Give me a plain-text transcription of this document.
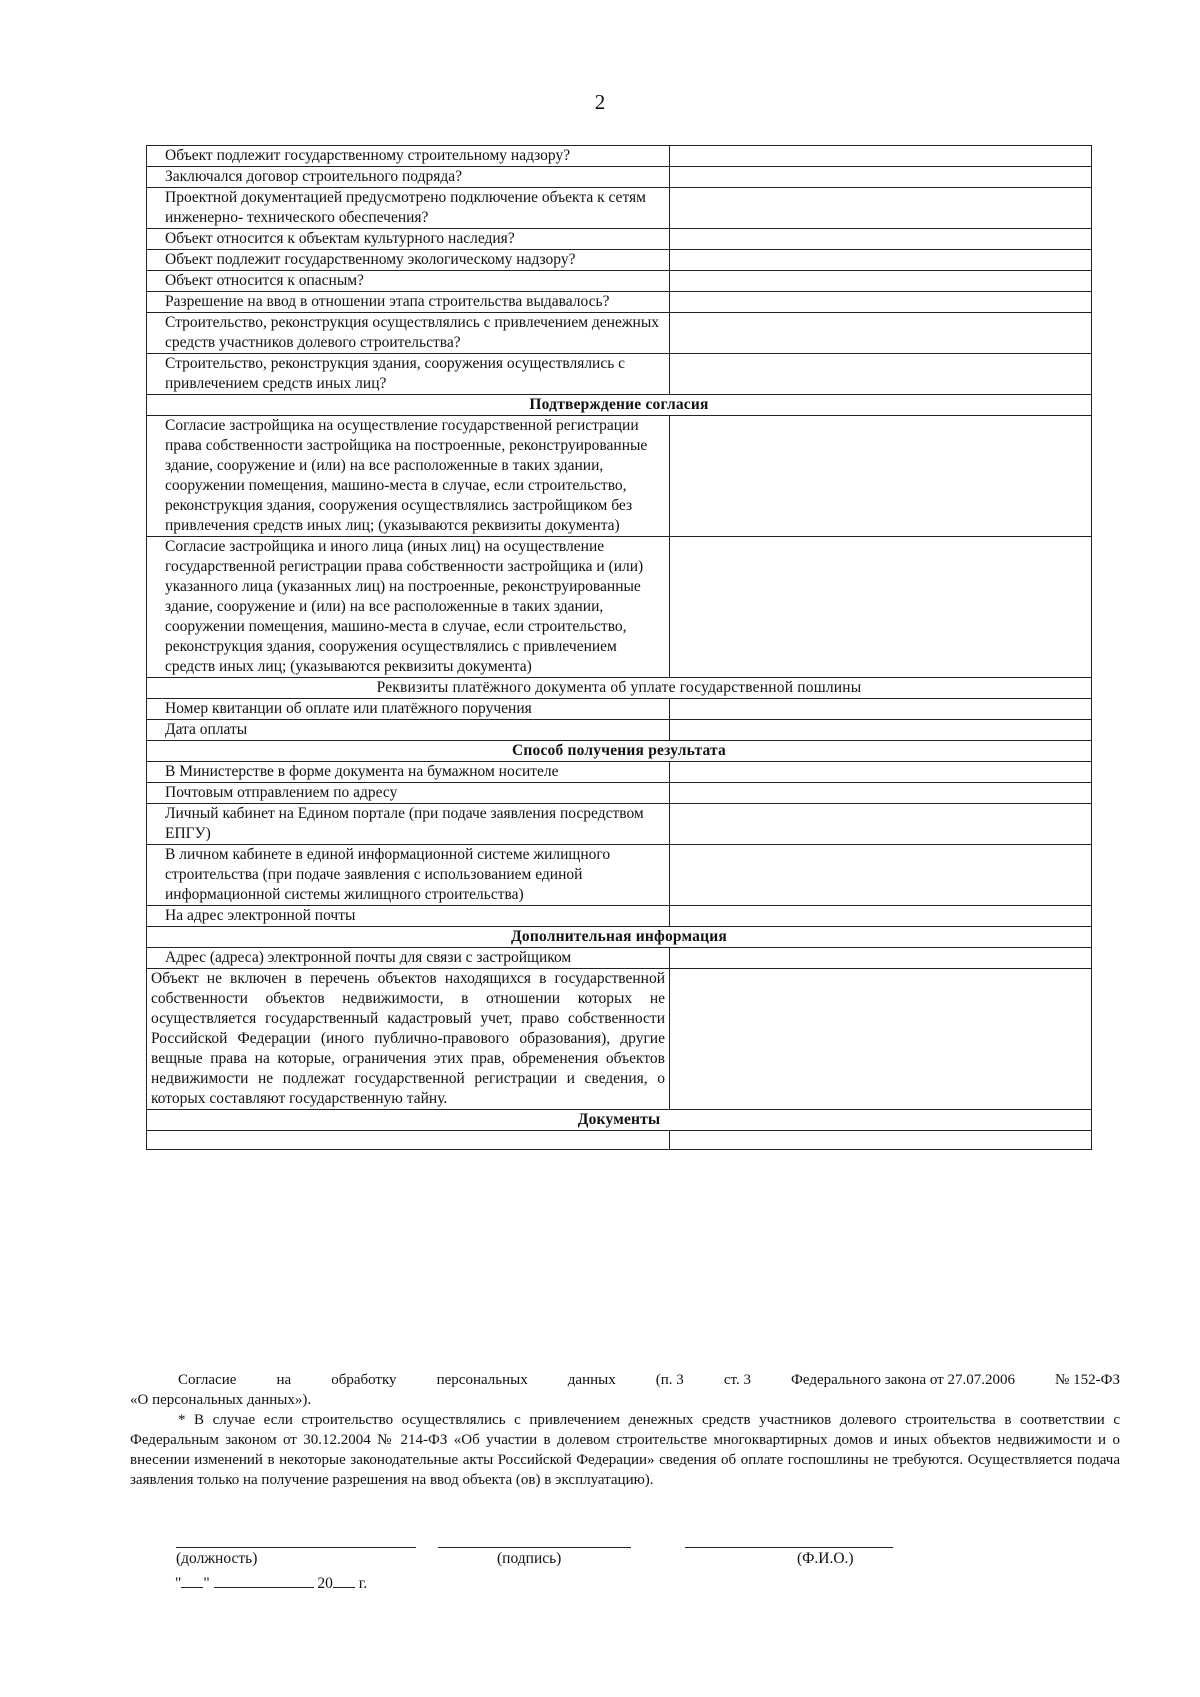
2
Объект подлежит государственному строительному надзору?	
Заключался договор строительного подряда?	
Проектной документацией предусмотрено подключение объекта к сетям инженерно- технического обеспечения?	
Объект относится к объектам культурного наследия?	
Объект подлежит государственному экологическому надзору?	
Объект относится к опасным?	
Разрешение на ввод в отношении этапа строительства выдавалось?	
Строительство, реконструкция осуществлялись с привлечением денежных средств участников долевого строительства?	
Строительство, реконструкция здания, сооружения осуществлялись с привлечением средств иных лиц?	
Подтверждение согласия	
Согласие застройщика на осуществление государственной регистрации права собственности застройщика на построенные, реконструированные здание, сооружение и (или) на все расположенные в таких здании, сооружении помещения, машино-места в случае, если строительство, реконструкция здания, сооружения осуществлялись застройщиком без привлечения средств иных лиц; (указываются реквизиты документа)	
Согласие застройщика и иного лица (иных лиц) на осуществление государственной регистрации права собственности застройщика и (или) указанного лица (указанных лиц) на построенные, реконструированные здание, сооружение и (или) на все расположенные в таких здании, сооружении помещения, машино-места в случае, если строительство, реконструкция здания, сооружения осуществлялись с привлечением средств иных лиц; (указываются реквизиты документа)	
Реквизиты платёжного документа об уплате государственной пошлины	
Номер квитанции об оплате или платёжного поручения	
Дата оплаты	
Способ получения результата	
В Министерстве в форме документа на бумажном носителе	
Почтовым отправлением по адресу	
Личный кабинет на Едином портале (при подаче заявления посредством ЕПГУ)	
В личном кабинете в единой информационной системе жилищного строительства (при подаче заявления с использованием единой информационной системы жилищного строительства)	
На адрес электронной почты	
Дополнительная информация	
Адрес (адреса) электронной почты для связи с застройщиком	
Объект не включен в перечень объектов находящихся в государственной собственности объектов недвижимости, в отношении которых не осуществляется государственный кадастровый учет, право собственности Российской Федерации (иного публично-правового образования), другие вещные права на которые, ограничения этих прав, обременения объектов недвижимости не подлежат государственной регистрации и сведения, о которых составляют государственную тайну.	
Документы	

Согласие	на	обработку	персональных	данных	(п. 3	ст. 3	Федерального закона от 27.07.2006	№ 152-ФЗ
«О персональных данных»).

* В случае если строительство осуществлялись с привлечением денежных средств участников долевого строительства в соответствии с Федеральным законом от 30.12.2004 № 214-ФЗ «Об участии в долевом строительстве многоквартирных домов и иных объектов недвижимости и о внесении изменений в некоторые законодательные акты Российской Федерации» сведения об оплате госпошлины не требуются. Осуществляется подача заявления только на получение разрешения на ввод объекта (ов) в эксплуатацию).

(должность)	(подпись)	(Ф.И.О.)
" "	20 г.
